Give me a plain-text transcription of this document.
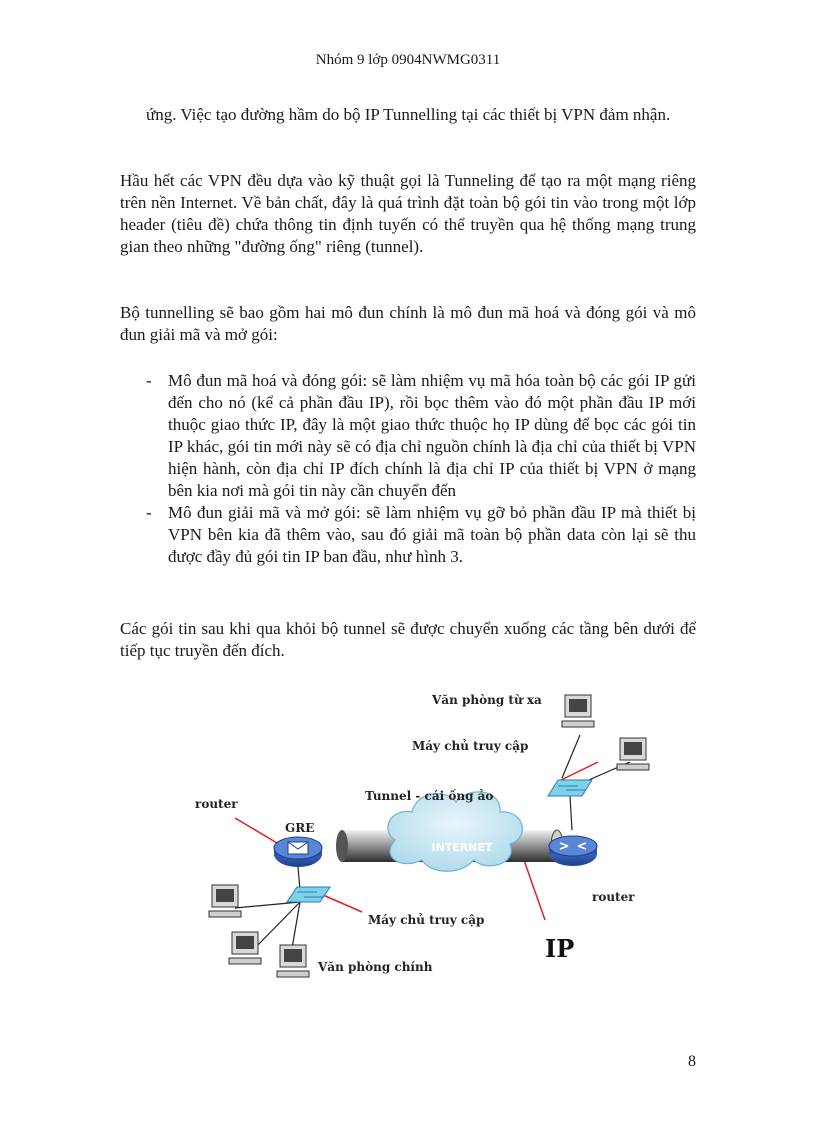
Nhóm 9 lớp 0904NWMG0311

ứng. Việc tạo đường hầm do bộ IP Tunnelling tại các thiết bị VPN đảm nhận.

Hầu hết các VPN đều dựa vào kỹ thuật gọi là Tunneling để tạo ra một mạng riêng trên nền Internet. Về bản chất, đây là quá trình đặt toàn bộ gói tin vào trong một lớp header (tiêu đề) chứa thông tin định tuyến có thể truyền qua hệ thống mạng trung gian theo những "đường ống" riêng (tunnel).

Bộ tunnelling sẽ bao gồm hai mô đun chính là mô đun mã hoá và đóng gói và mô đun giải mã và mở gói:

- Mô đun mã hoá và đóng gói: sẽ làm nhiệm vụ mã hóa toàn bộ các gói IP gửi đến cho nó (kể cả phần đầu IP), rồi bọc thêm vào đó một phần đầu IP mới thuộc giao thức IP, đây là một giao thức thuộc họ IP dùng để bọc các gói tin IP khác, gói tin mới này sẽ có địa chỉ nguồn chính là địa chỉ của thiết bị VPN hiện hành, còn địa chỉ IP đích chính là địa chỉ IP của thiết bị VPN ở mạng bên kia nơi mà gói tin này cần chuyển đến
- Mô đun giải mã và mở gói: sẽ làm nhiệm vụ gỡ bỏ phần đầu IP mà thiết bị VPN bên kia đã thêm vào, sau đó giải mã toàn bộ phần data còn lại sẽ thu được đầy đủ gói tin IP ban đầu, như hình 3.

Các gói tin sau khi qua khỏi bộ tunnel sẽ được chuyển xuống các tầng bên dưới để tiếp tục truyền đến đích.

INTERNET
Văn phòng từ xa
Máy chủ truy cập
Tunnel - cái ống ảo
router
GRE
router
Máy chủ truy cập
IP
Văn phòng chính
8
